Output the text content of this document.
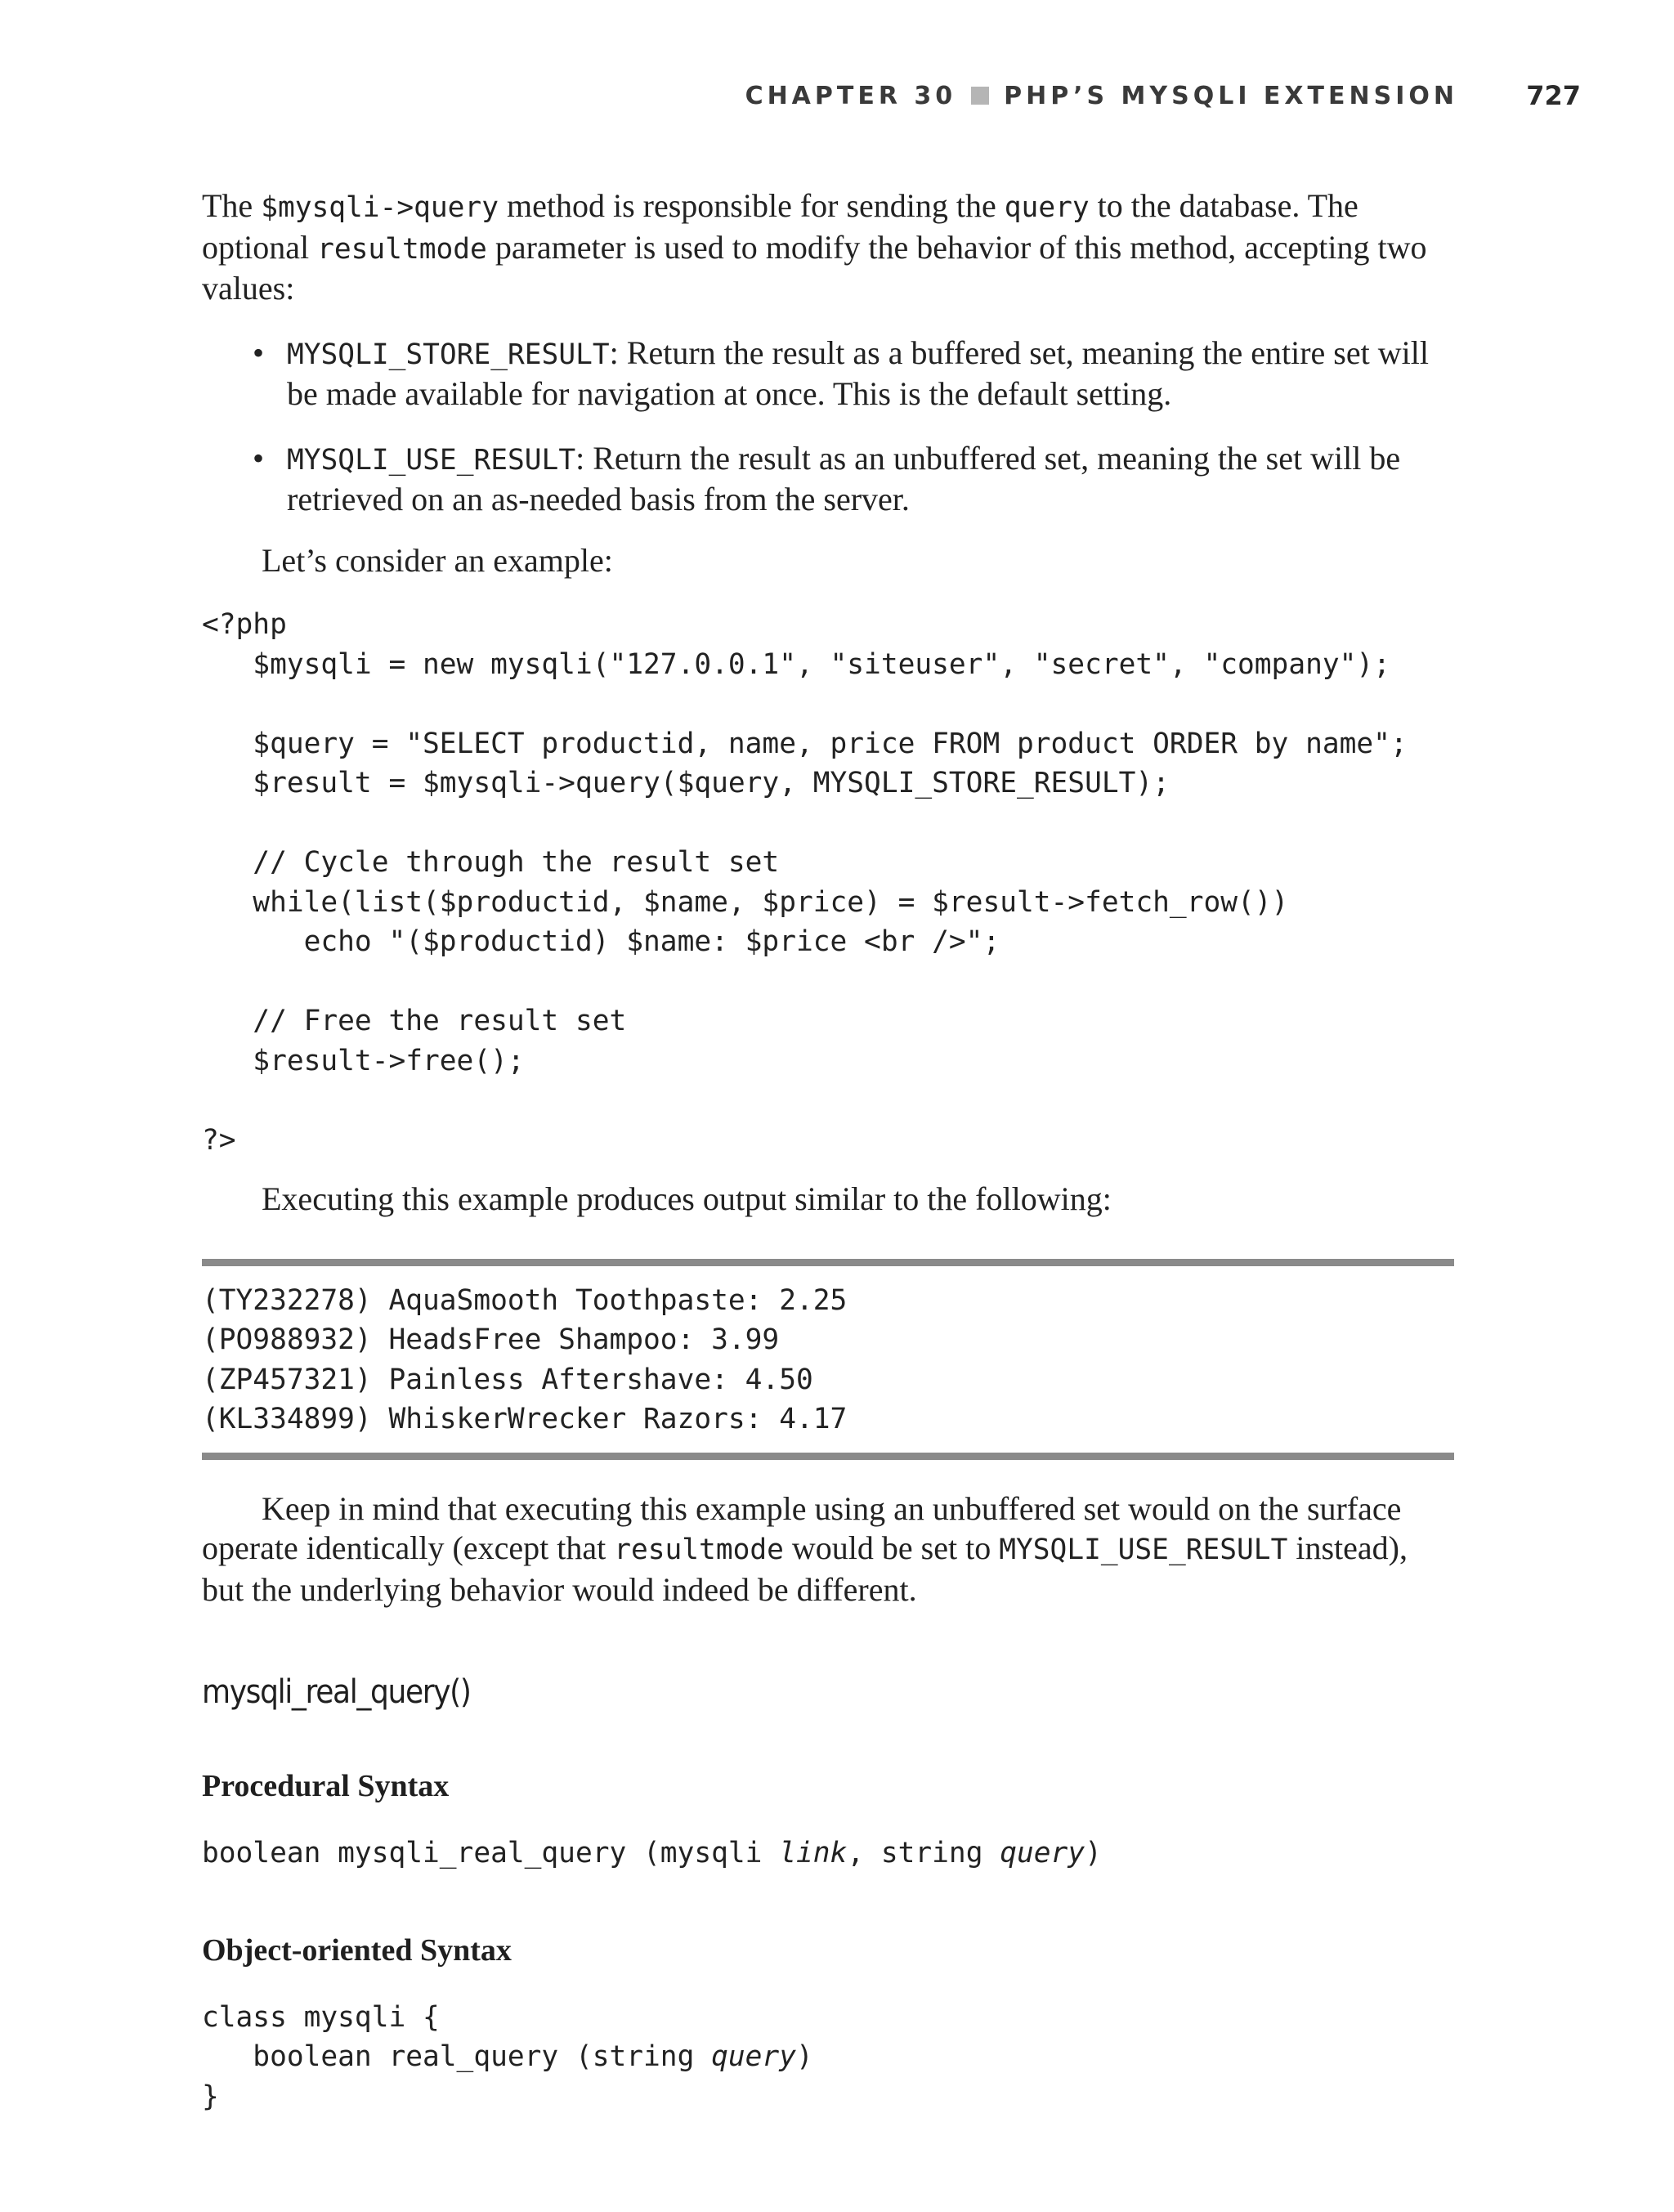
CHAPTER 30 PHP’S MYSQLI EXTENSION	727

The $mysqli->query method is responsible for sending the query to the database. The optional resultmode parameter is used to modify the behavior of this method, accepting two values:

• MYSQLI_STORE_RESULT: Return the result as a buffered set, meaning the entire set will be made available for navigation at once. This is the default setting.
• MYSQLI_USE_RESULT: Return the result as an unbuffered set, meaning the set will be retrieved on an as-needed basis from the server.

Let’s consider an example:

<?php
$mysqli = new mysqli("127.0.0.1", "siteuser", "secret", "company");

$query = "SELECT productid, name, price FROM product ORDER by name";
$result = $mysqli->query($query, MYSQLI_STORE_RESULT);

// Cycle through the result set
while(list($productid, $name, $price) = $result->fetch_row())
echo "($productid) $name: $price <br />";

// Free the result set
$result->free();

?>

Executing this example produces output similar to the following:

(TY232278) AquaSmooth Toothpaste: 2.25
(PO988932) HeadsFree Shampoo: 3.99
(ZP457321) Painless Aftershave: 4.50
(KL334899) WhiskerWrecker Razors: 4.17

Keep in mind that executing this example using an unbuffered set would on the surface operate identically (except that resultmode would be set to MYSQLI_USE_RESULT instead), but the underlying behavior would indeed be different.

mysqli_real_query()
Procedural Syntax
boolean mysqli_real_query (mysqli link, string query)
Object-oriented Syntax
class mysqli {
boolean real_query (string query)
}
